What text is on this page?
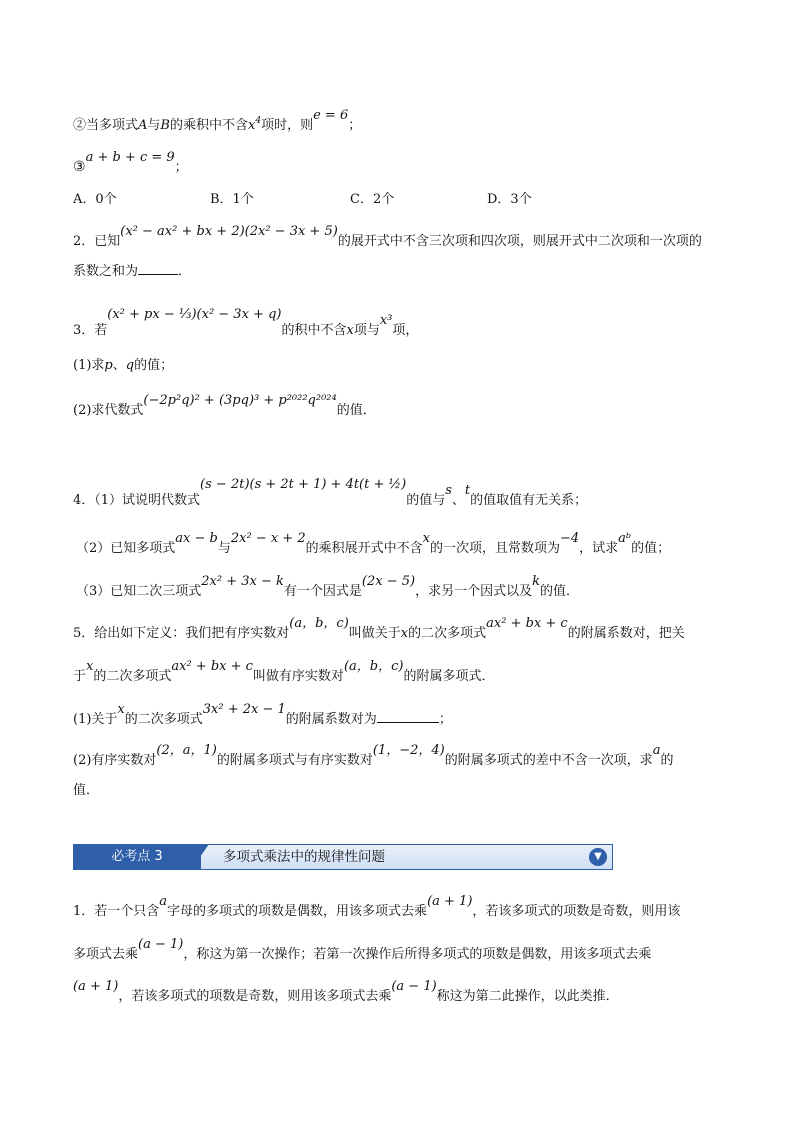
②当多项式A与B的乘积中不含$x^4$项时，则e = 6；
③a + b + c = 9；
A．0个	B．1个	C．2个	D．3个
2．已知(x² − ax² + bx + 2)(2x² − 3x + 5)的展开式中不含三次项和四次项，则展开式中二次项和一次项的
系数之和为	．
3．若(x² + px − ⅓)(x² − 3x + q)的积中不含x项与x³项，
(1)求p、q的值；
(2)求代数式(−2p²q)² + (3pq)³ + p²⁰²²q²⁰²⁴的值．
4．（1）试说明代数式(s − 2t)(s + 2t + 1) + 4t(t + ½)的值与s、t的值取值有无关系；
（2）已知多项式ax − b与2x² − x + 2的乘积展开式中不含x的一次项，且常数项为−4，试求aᵇ的值；
（3）已知二次三项式2x² + 3x − k有一个因式是(2x − 5)，求另一个因式以及k的值．
5．给出如下定义：我们把有序实数对(a，b，c)叫做关于x的二次多项式ax² + bx + c的附属系数对，把关
于x的二次多项式ax² + bx + c叫做有序实数对(a，b，c)的附属多项式．
(1)关于x的二次多项式3x² + 2x − 1的附属系数对为	；
(2)有序实数对(2，a，1)的附属多项式与有序实数对(1，−2，4)的附属多项式的差中不含一次项，求a的
值．
必考点 3	多项式乘法中的规律性问题	▼
1．若一个只含a字母的多项式的项数是偶数，用该多项式去乘(a + 1)，若该多项式的项数是奇数，则用该
多项式去乘(a − 1)，称这为第一次操作；若第一次操作后所得多项式的项数是偶数，用该多项式去乘
(a + 1)，若该多项式的项数是奇数，则用该多项式去乘(a − 1)称这为第二此操作，以此类推．
